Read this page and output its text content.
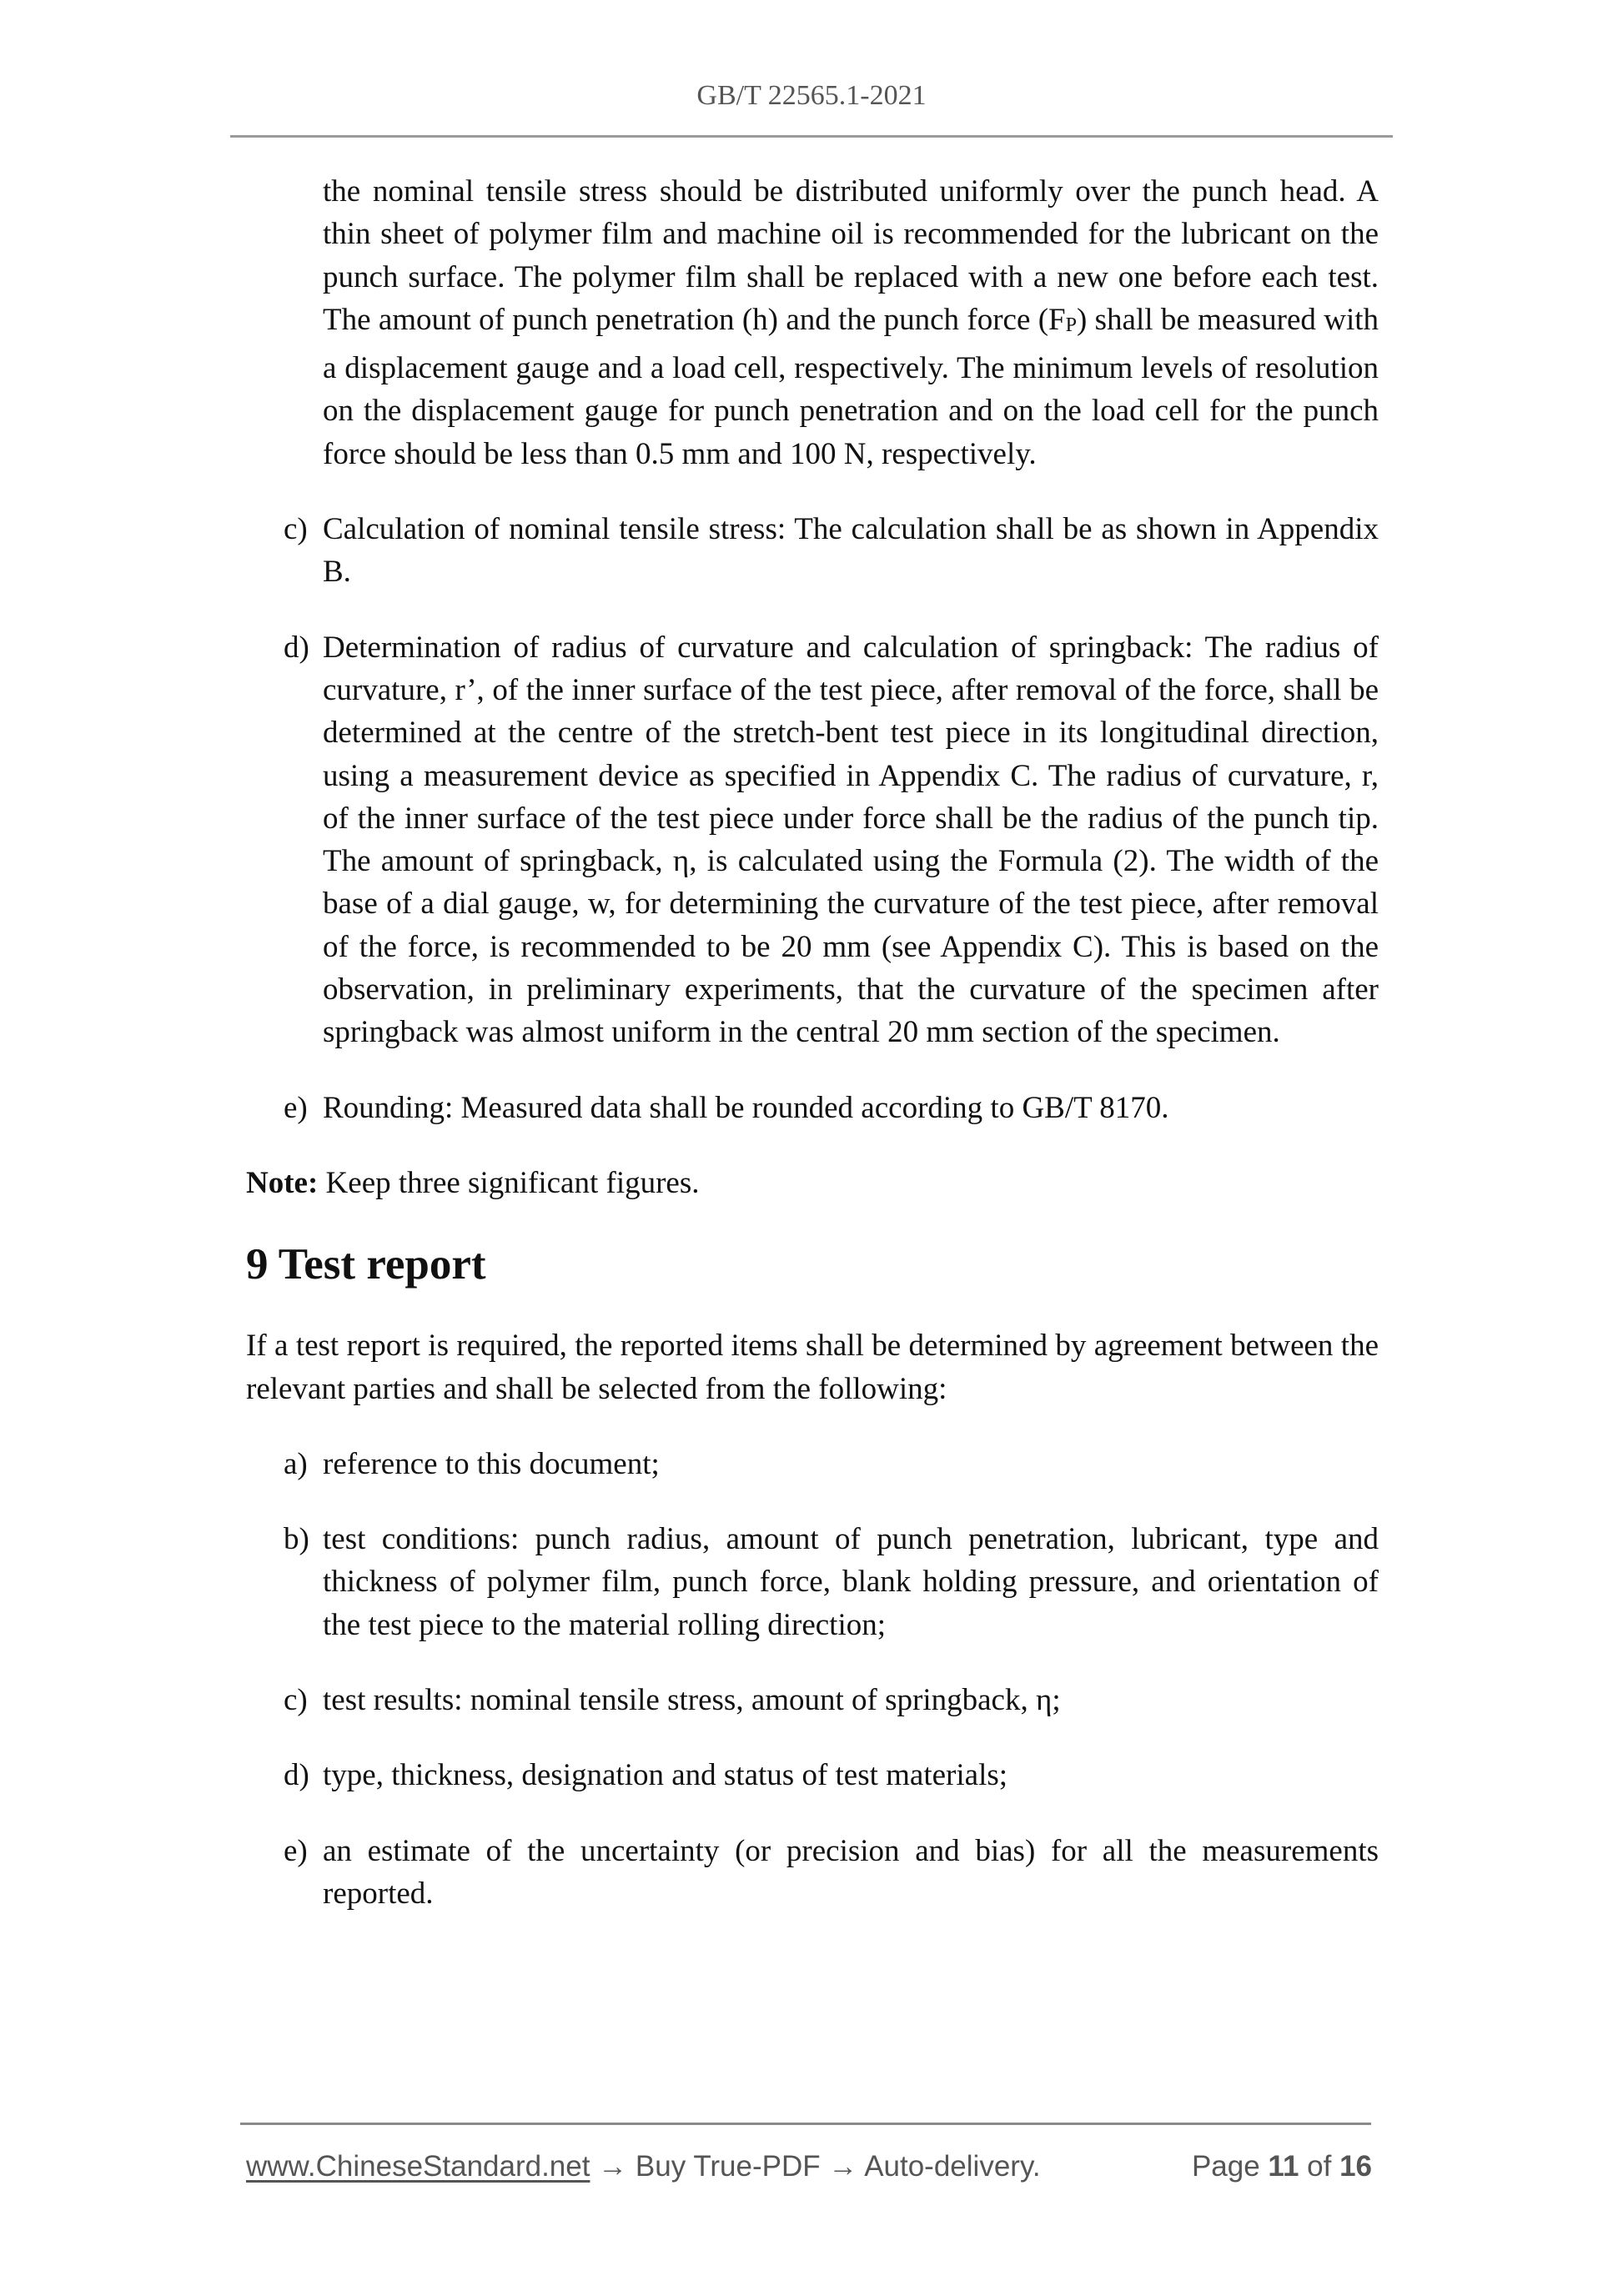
GB/T 22565.1-2021

the nominal tensile stress should be distributed uniformly over the punch head. A thin sheet of polymer film and machine oil is recommended for the lubricant on the punch surface. The polymer film shall be replaced with a new one before each test. The amount of punch penetration (h) and the punch force (FP) shall be measured with a displacement gauge and a load cell, respectively. The minimum levels of resolution on the displacement gauge for punch penetration and on the load cell for the punch force should be less than 0.5 mm and 100 N, respectively.

c) Calculation of nominal tensile stress: The calculation shall be as shown in Appendix B.

d) Determination of radius of curvature and calculation of springback: The radius of curvature, r’, of the inner surface of the test piece, after removal of the force, shall be determined at the centre of the stretch-bent test piece in its longitudinal direction, using a measurement device as specified in Appendix C. The radius of curvature, r, of the inner surface of the test piece under force shall be the radius of the punch tip. The amount of springback, η, is calculated using the Formula (2). The width of the base of a dial gauge, w, for determining the curvature of the test piece, after removal of the force, is recommended to be 20 mm (see Appendix C). This is based on the observation, in preliminary experiments, that the curvature of the specimen after springback was almost uniform in the central 20 mm section of the specimen.

e) Rounding: Measured data shall be rounded according to GB/T 8170.

Note: Keep three significant figures.

9 Test report

If a test report is required, the reported items shall be determined by agreement between the relevant parties and shall be selected from the following:

a) reference to this document;

b) test conditions: punch radius, amount of punch penetration, lubricant, type and thickness of polymer film, punch force, blank holding pressure, and orientation of the test piece to the material rolling direction;

c) test results: nominal tensile stress, amount of springback, η;

d) type, thickness, designation and status of test materials;

e) an estimate of the uncertainty (or precision and bias) for all the measurements reported.

www.ChineseStandard.net → Buy True-PDF → Auto-delivery.	Page 11 of 16
